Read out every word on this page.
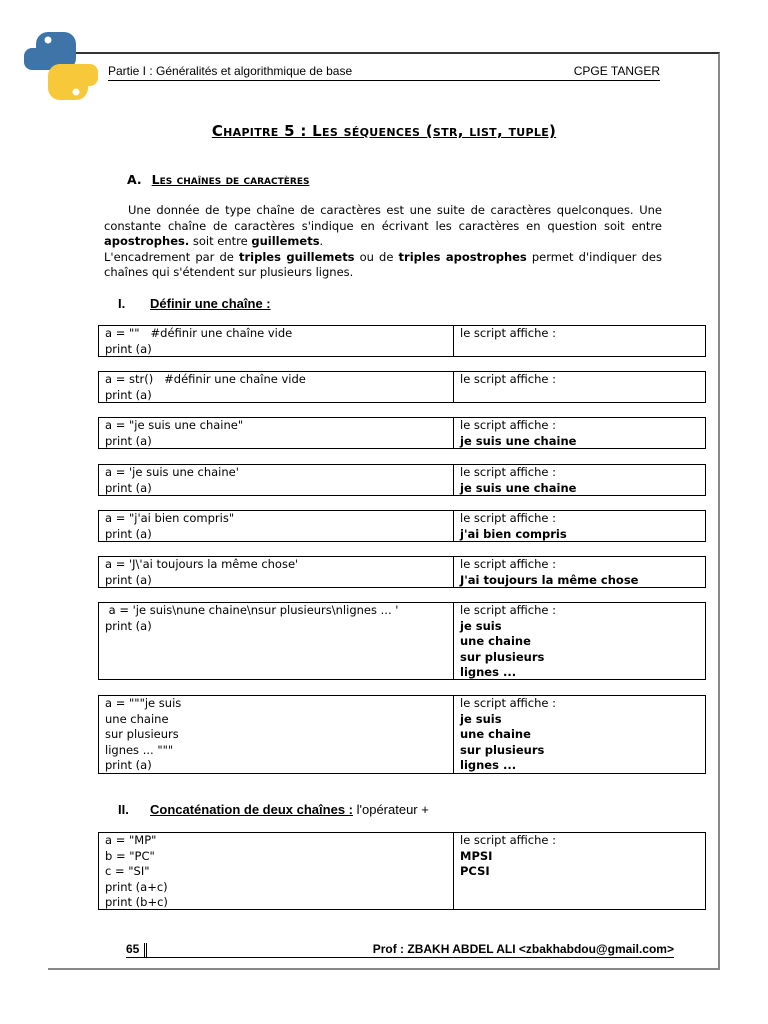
Partie I : Généralités et algorithmique de base	CPGE TANGER
Chapitre 5 : Les séquences (str, list, tuple)
A. Les chaînes de caractères
Une donnée de type chaîne de caractères est une suite de caractères quelconques. Une constante chaîne de caractères s'indique en écrivant les caractères en question soit entre apostrophes. soit entre guillemets.
L'encadrement par de triples guillemets ou de triples apostrophes permet d'indiquer des chaînes qui s'étendent sur plusieurs lignes.
I. Définir une chaîne :
II. Concaténation de deux chaînes : l'opérateur +
a = ""   #définir une chaîne vide
print (a)
le script affiche :
a = str()   #définir une chaîne vide
print (a)
le script affiche :
a = "je suis une chaine"
print (a)
le script affiche :
je suis une chaine
a = 'je suis une chaine'
print (a)
le script affiche :
je suis une chaine
a = "j'ai bien compris"
print (a)
le script affiche :
j'ai bien compris
a = 'J\'ai toujours la même chose'
print (a)
le script affiche :
J'ai toujours la même chose
a = 'je suis\nune chaine\nsur plusieurs\nlignes ... '
print (a)
le script affiche :
je suis
une chaine
sur plusieurs
lignes ...
a = """je suis
une chaine
sur plusieurs
lignes ... """
print (a)
le script affiche :
je suis
une chaine
sur plusieurs
lignes ...
a = "MP"
b = "PC"
c = "SI"
print (a+c)
print (b+c)
le script affiche :
MPSI
PCSI
65	Prof : ZBAKH ABDEL ALI <zbakhabdou@gmail.com>
